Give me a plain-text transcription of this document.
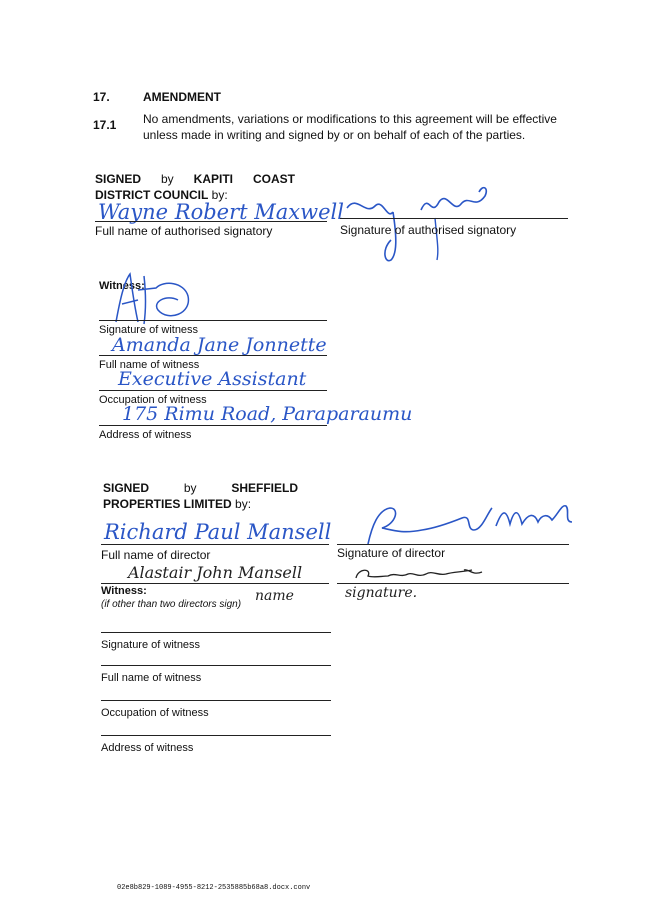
17.	AMENDMENT
17.1 No amendments, variations or modifications to this agreement will be effective
unless made in writing and signed by or on behalf of each of the parties.
SIGNED by KAPITI COAST
DISTRICT COUNCIL by:
Wayne Robert Maxwell
Full name of authorised signatory	Signature of authorised signatory
Witness:
Signature of witness
Amanda Jane Jonnette
Full name of witness
Executive Assistant
Occupation of witness
175 Rimu Road, Paraparaumu
Address of witness
SIGNED	by	SHEFFIELD
PROPERTIES LIMITED by:
Richard Paul Mansell
Full name of director	Signature of director
Alastair John Mansell
Witness:
(if other than two directors sign)
name	signature.
Signature of witness
Full name of witness
Occupation of witness
Address of witness
02e8b829-1089-4955-8212-2535885b68a8.docx.conv
